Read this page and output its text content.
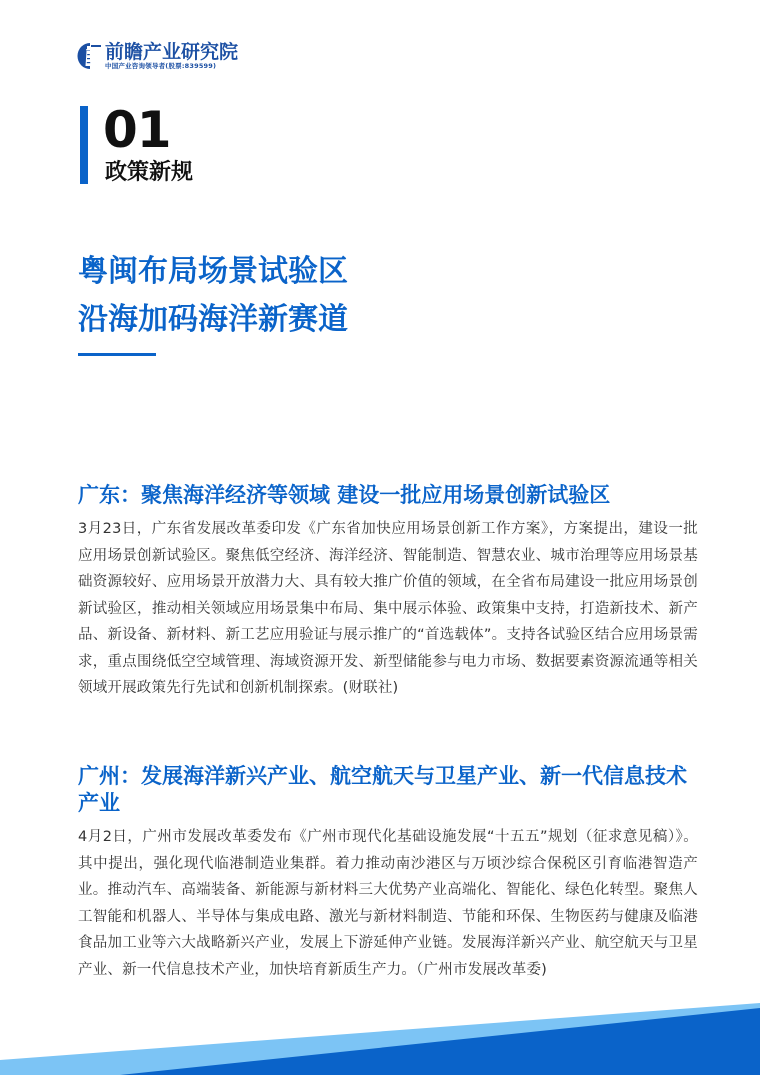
前瞻产业研究院
中国产业咨询领导者(股票:839599)
01
政策新规
粤闽布局场景试验区
沿海加码海洋新赛道
广东：聚焦海洋经济等领域 建设一批应用场景创新试验区
3月23日，广东省发展改革委印发《广东省加快应用场景创新工作方案》，方案提出，建设一批应用场景创新试验区。聚焦低空经济、海洋经济、智能制造、智慧农业、城市治理等应用场景基础资源较好、应用场景开放潜力大、具有较大推广价值的领域，在全省布局建设一批应用场景创新试验区，推动相关领域应用场景集中布局、集中展示体验、政策集中支持，打造新技术、新产品、新设备、新材料、新工艺应用验证与展示推广的“首选载体”。支持各试验区结合应用场景需求，重点围绕低空空域管理、海域资源开发、新型储能参与电力市场、数据要素资源流通等相关领域开展政策先行先试和创新机制探索。(财联社)
广州：发展海洋新兴产业、航空航天与卫星产业、新一代信息技术产业
4月2日，广州市发展改革委发布《广州市现代化基础设施发展“十五五”规划（征求意见稿）》。其中提出，强化现代临港制造业集群。着力推动南沙港区与万顷沙综合保税区引育临港智造产业。推动汽车、高端装备、新能源与新材料三大优势产业高端化、智能化、绿色化转型。聚焦人工智能和机器人、半导体与集成电路、激光与新材料制造、节能和环保、生物医药与健康及临港食品加工业等六大战略新兴产业，发展上下游延伸产业链。发展海洋新兴产业、航空航天与卫星产业、新一代信息技术产业，加快培育新质生产力。（广州市发展改革委)
